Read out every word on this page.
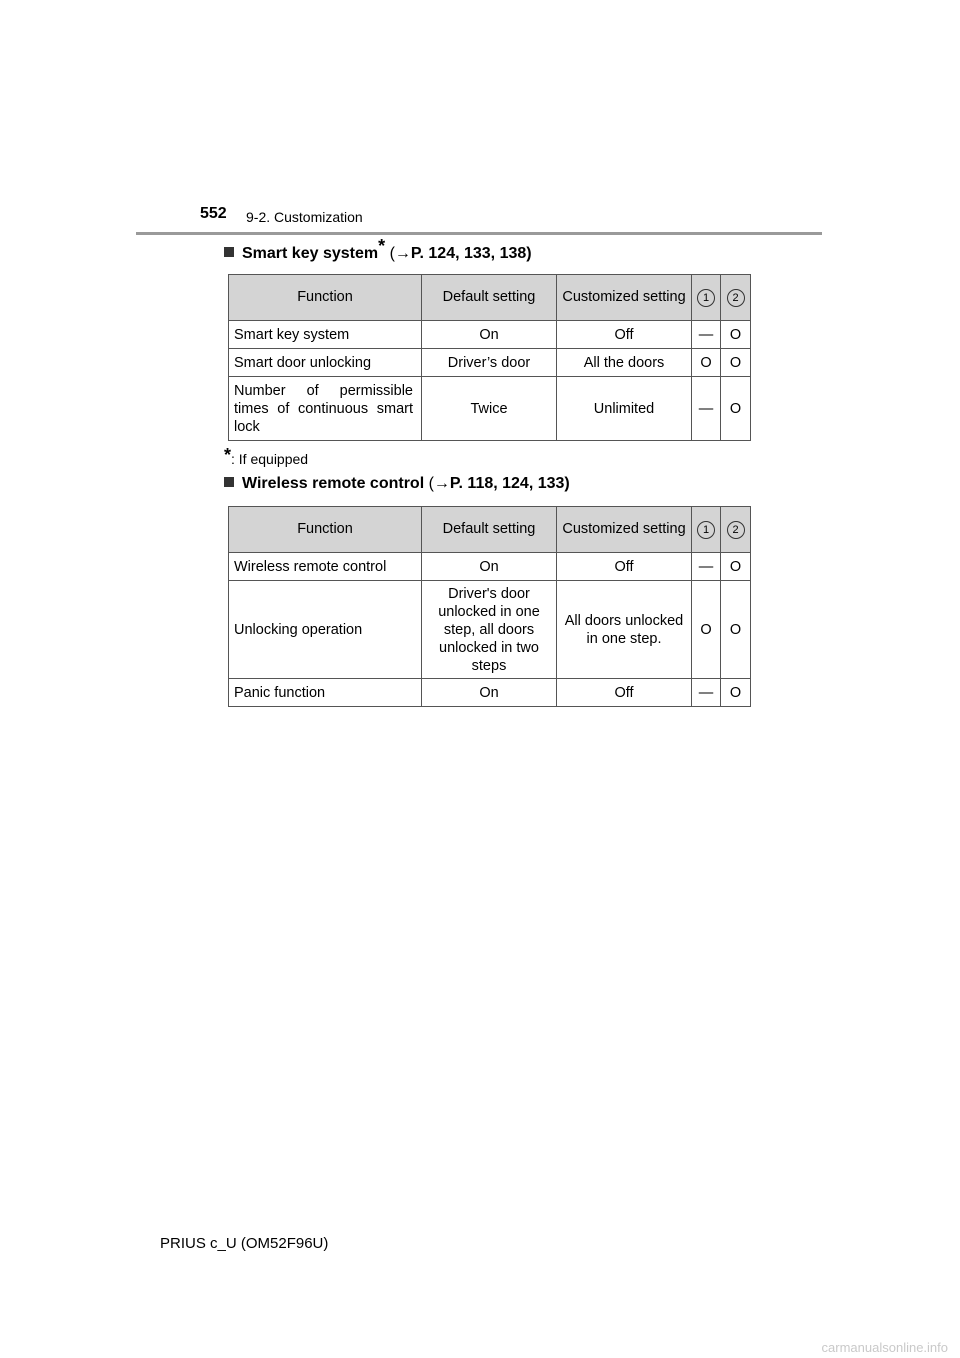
552 9-2. Customization
Smart key system* (→P. 124, 133, 138)
Function	Default setting	Customized setting	1	2
Smart key system	On	Off	—	O
Smart door unlocking	Driver’s door	All the doors	O	O
Number of permissible times of continuous smart lock	Twice	Unlimited	—	O
*: If equipped
Wireless remote control (→P. 118, 124, 133)
Function	Default setting	Customized setting	1	2
Wireless remote control	On	Off	—	O
Unlocking operation	Driver's door unlocked in one step, all doors unlocked in two steps	All doors unlocked in one step.	O	O
Panic function	On	Off	—	O
PRIUS c_U (OM52F96U)
carmanualsonline.info
